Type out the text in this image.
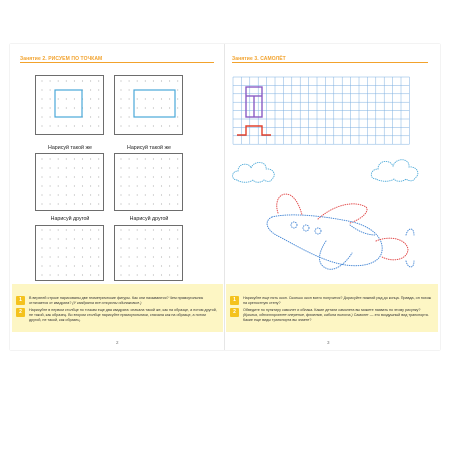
Занятие 2. РИСУЕМ ПО ТОЧКАМ
Нарисуй такой же	Нарисуй такой же
Нарисуй другой	Нарисуй другой
1	В верхней строке нарисованы две геометрические фигуры. Как они называются? Чем прямоугольник отличается от квадрата? (У квадрата все стороны одинаковые.)
2	Нарисуйте в первом столбце по точкам еще два квадрата: сначала такой же, как на образце, а потом другой, не такой, как образец. Во втором столбце нарисуйте прямоугольники, сначала как на образце, а потом другой, не такой, как образец.
2
Занятие 3. САМОЛЁТ
1	Нарисуйте еще пять окон. Сколько окон всего получится? Дорисуйте нижний ряд до конца. Правда, он похож на крепостную стену?
2	Обведите по пунктиру самолет и облака. Какие детали самолета вы можете назвать по этому рисунку? (Крылья, одностороннее оперение, фюзеляж, кабина пилота.) Самолет — это воздушный вид транспорта. Какие еще виды транспорта вы знаете?
3
